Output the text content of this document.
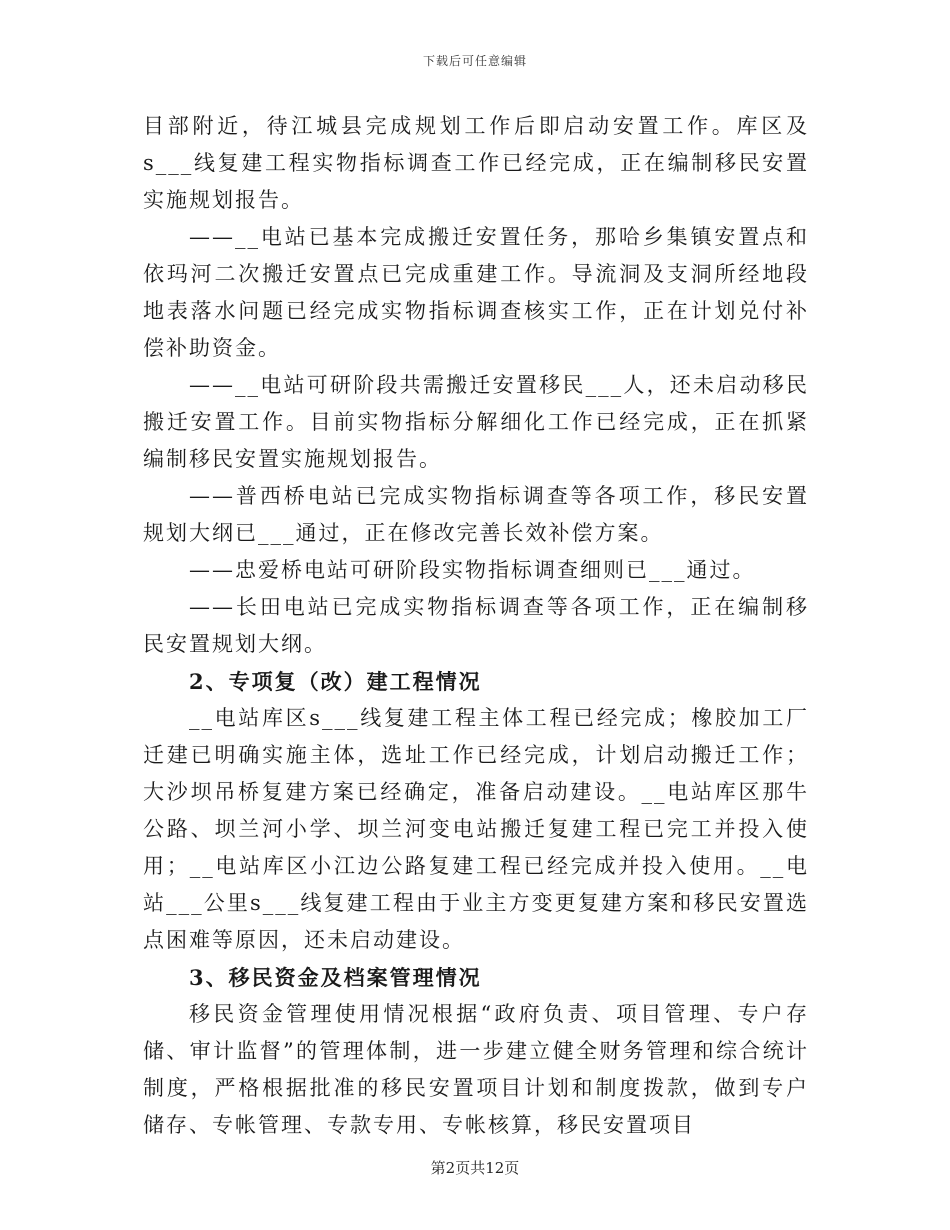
下载后可任意编辑

目部附近，待江城县完成规划工作后即启动安置工作。库区及s___线复建工程实物指标调查工作已经完成，正在编制移民安置实施规划报告。

——__电站已基本完成搬迁安置任务，那哈乡集镇安置点和依玛河二次搬迁安置点已完成重建工作。导流洞及支洞所经地段地表落水问题已经完成实物指标调查核实工作，正在计划兑付补偿补助资金。

——__电站可研阶段共需搬迁安置移民___人，还未启动移民搬迁安置工作。目前实物指标分解细化工作已经完成，正在抓紧编制移民安置实施规划报告。

——普西桥电站已完成实物指标调查等各项工作，移民安置规划大纲已___通过，正在修改完善长效补偿方案。

——忠爱桥电站可研阶段实物指标调查细则已___通过。

——长田电站已完成实物指标调查等各项工作，正在编制移民安置规划大纲。

2、专项复（改）建工程情况

__电站库区s___线复建工程主体工程已经完成；橡胶加工厂迁建已明确实施主体，选址工作已经完成，计划启动搬迁工作；大沙坝吊桥复建方案已经确定，准备启动建设。__电站库区那牛公路、坝兰河小学、坝兰河变电站搬迁复建工程已完工并投入使用；__电站库区小江边公路复建工程已经完成并投入使用。__电站___公里s___线复建工程由于业主方变更复建方案和移民安置选点困难等原因，还未启动建设。

3、移民资金及档案管理情况

移民资金管理使用情况根据“政府负责、项目管理、专户存储、审计监督”的管理体制，进一步建立健全财务管理和综合统计制度，严格根据批准的移民安置项目计划和制度拨款，做到专户储存、专帐管理、专款专用、专帐核算，移民安置项目

第2页共12页
